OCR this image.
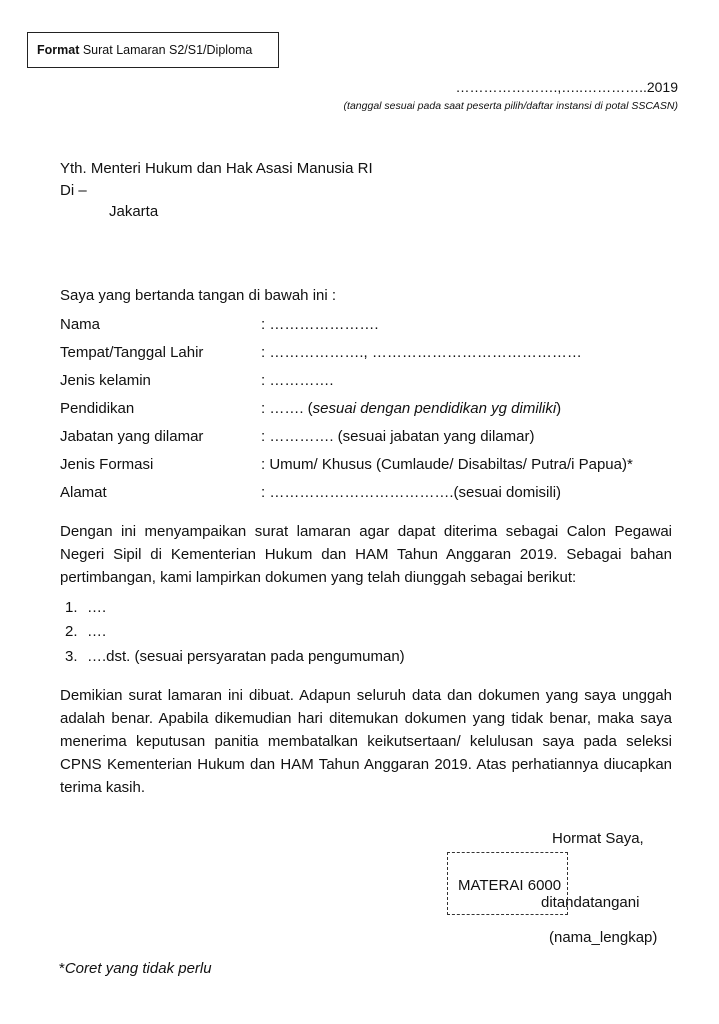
Format Surat Lamaran S2/S1/Diploma
………………….,…..…………..2019
(tanggal sesuai pada saat peserta pilih/daftar instansi di potal SSCASN)
Yth. Menteri Hukum dan Hak Asasi Manusia RI
Di –
Jakarta
Saya yang bertanda tangan di bawah ini :
Nama	: ………………….
Tempat/Tanggal Lahir	: ………………., ……………………………………
Jenis kelamin	: ………….
Pendidikan	: ……. (sesuai dengan pendidikan yg dimiliki)
Jabatan yang dilamar	: …………. (sesuai jabatan yang dilamar)
Jenis Formasi	: Umum/ Khusus (Cumlaude/ Disabiltas/ Putra/i Papua)*
Alamat	: ……………………………….(sesuai domisili)
Dengan ini menyampaikan surat lamaran agar dapat diterima sebagai Calon Pegawai Negeri Sipil di Kementerian Hukum dan HAM Tahun Anggaran 2019. Sebagai bahan pertimbangan, kami lampirkan dokumen yang telah diunggah sebagai berikut:
1. ….
2. ….
3. ….dst. (sesuai persyaratan pada pengumuman)
Demikian surat lamaran ini dibuat. Adapun seluruh data dan dokumen yang saya unggah adalah benar. Apabila dikemudian hari ditemukan dokumen yang tidak benar, maka saya menerima keputusan panitia membatalkan keikutsertaan/ kelulusan saya pada seleksi CPNS Kementerian Hukum dan HAM Tahun Anggaran 2019. Atas perhatiannya diucapkan terima kasih.
Hormat Saya,
MATERAI 6000
ditandatangani
(nama_lengkap)
*Coret yang tidak perlu
